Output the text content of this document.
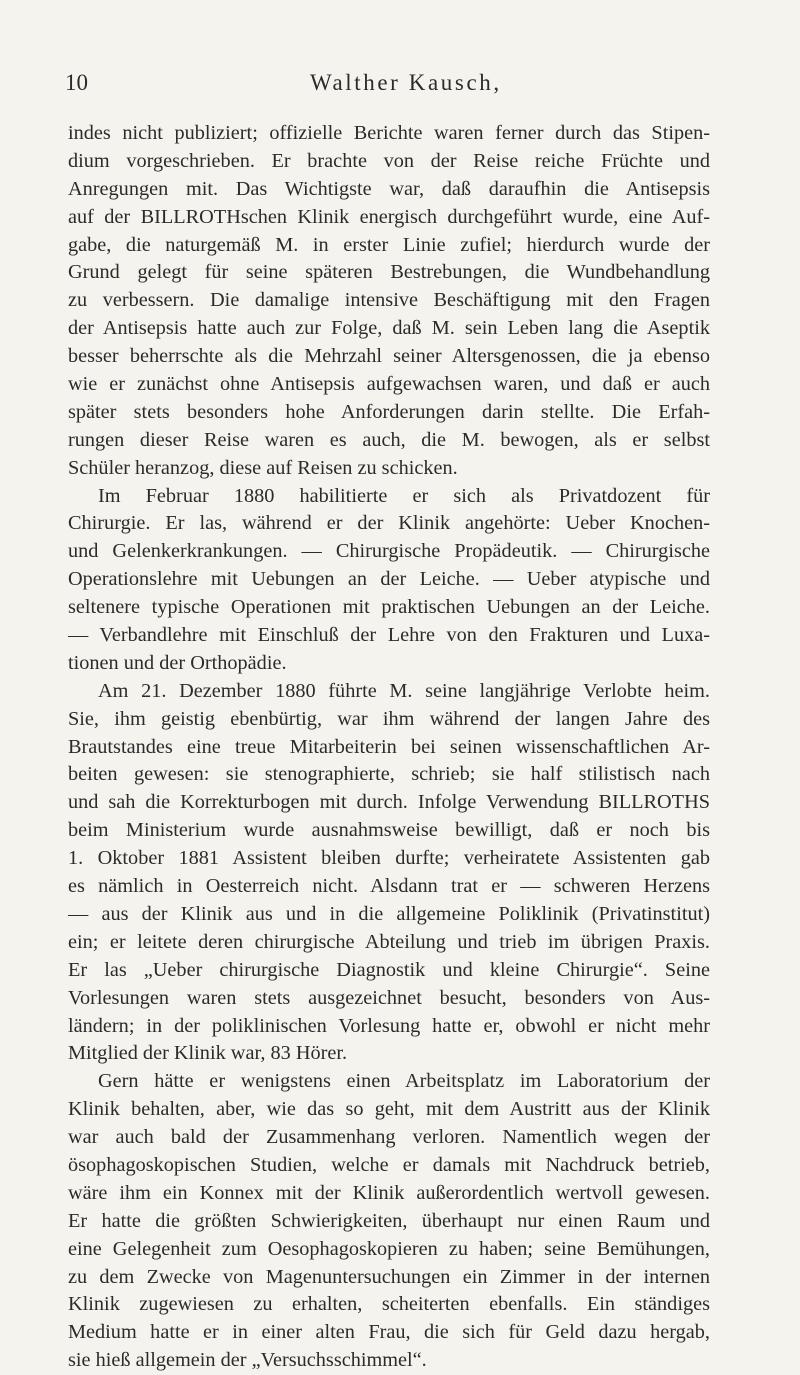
10	Walther Kausch,
indes nicht publiziert; offizielle Berichte waren ferner durch das Stipen-
dium vorgeschrieben. Er brachte von der Reise reiche Früchte und
Anregungen mit. Das Wichtigste war, daß daraufhin die Antisepsis
auf der BILLROTHschen Klinik energisch durchgeführt wurde, eine Auf-
gabe, die naturgemäß M. in erster Linie zufiel; hierdurch wurde der
Grund gelegt für seine späteren Bestrebungen, die Wundbehandlung
zu verbessern. Die damalige intensive Beschäftigung mit den Fragen
der Antisepsis hatte auch zur Folge, daß M. sein Leben lang die Aseptik
besser beherrschte als die Mehrzahl seiner Altersgenossen, die ja ebenso
wie er zunächst ohne Antisepsis aufgewachsen waren, und daß er auch
später stets besonders hohe Anforderungen darin stellte. Die Erfah-
rungen dieser Reise waren es auch, die M. bewogen, als er selbst
Schüler heranzog, diese auf Reisen zu schicken.
Im Februar 1880 habilitierte er sich als Privatdozent für
Chirurgie. Er las, während er der Klinik angehörte: Ueber Knochen-
und Gelenkerkrankungen. — Chirurgische Propädeutik. — Chirurgische
Operationslehre mit Uebungen an der Leiche. — Ueber atypische und
seltenere typische Operationen mit praktischen Uebungen an der Leiche.
— Verbandlehre mit Einschluß der Lehre von den Frakturen und Luxa-
tionen und der Orthopädie.
Am 21. Dezember 1880 führte M. seine langjährige Verlobte heim.
Sie, ihm geistig ebenbürtig, war ihm während der langen Jahre des
Brautstandes eine treue Mitarbeiterin bei seinen wissenschaftlichen Ar-
beiten gewesen: sie stenographierte, schrieb; sie half stilistisch nach
und sah die Korrekturbogen mit durch. Infolge Verwendung BILLROTHS
beim Ministerium wurde ausnahmsweise bewilligt, daß er noch bis
1. Oktober 1881 Assistent bleiben durfte; verheiratete Assistenten gab
es nämlich in Oesterreich nicht. Alsdann trat er — schweren Herzens
— aus der Klinik aus und in die allgemeine Poliklinik (Privatinstitut)
ein; er leitete deren chirurgische Abteilung und trieb im übrigen Praxis.
Er las „Ueber chirurgische Diagnostik und kleine Chirurgie“. Seine
Vorlesungen waren stets ausgezeichnet besucht, besonders von Aus-
ländern; in der poliklinischen Vorlesung hatte er, obwohl er nicht mehr
Mitglied der Klinik war, 83 Hörer.
Gern hätte er wenigstens einen Arbeitsplatz im Laboratorium der
Klinik behalten, aber, wie das so geht, mit dem Austritt aus der Klinik
war auch bald der Zusammenhang verloren. Namentlich wegen der
ösophagoskopischen Studien, welche er damals mit Nachdruck betrieb,
wäre ihm ein Konnex mit der Klinik außerordentlich wertvoll gewesen.
Er hatte die größten Schwierigkeiten, überhaupt nur einen Raum und
eine Gelegenheit zum Oesophagoskopieren zu haben; seine Bemühungen,
zu dem Zwecke von Magenuntersuchungen ein Zimmer in der internen
Klinik zugewiesen zu erhalten, scheiterten ebenfalls. Ein ständiges
Medium hatte er in einer alten Frau, die sich für Geld dazu hergab,
sie hieß allgemein der „Versuchsschimmel“.
